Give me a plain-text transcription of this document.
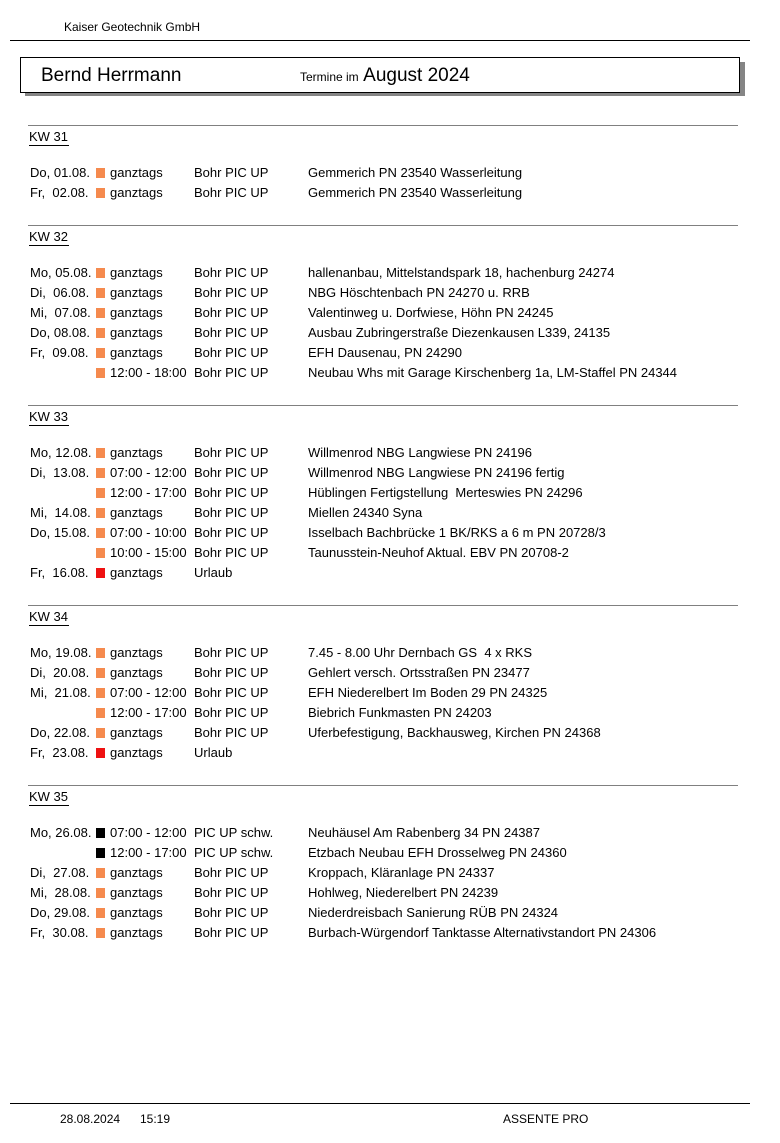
Kaiser Geotechnik GmbH
Bernd Herrmann	Termine im August 2024
KW 31
Do, 01.08. ganztags Bohr PIC UP	Gemmerich PN 23540 Wasserleitung
Fr,  02.08. ganztags Bohr PIC UP	Gemmerich PN 23540 Wasserleitung
KW 32
Mo, 05.08. ganztags Bohr PIC UP	hallenanbau, Mittelstandspark 18, hachenburg 24274
Di,  06.08. ganztags Bohr PIC UP	NBG Höschtenbach PN 24270 u. RRB
Mi,  07.08. ganztags Bohr PIC UP	Valentinweg u. Dorfwiese, Höhn PN 24245
Do, 08.08. ganztags Bohr PIC UP	Ausbau Zubringerstraße Diezenkausen L339, 24135
Fr,  09.08. ganztags Bohr PIC UP	EFH Dausenau, PN 24290
12:00 - 18:00 Bohr PIC UP	Neubau Whs mit Garage Kirschenberg 1a, LM-Staffel PN 24344
KW 33
Mo, 12.08. ganztags Bohr PIC UP	Willmenrod NBG Langwiese PN 24196
Di,  13.08. 07:00 - 12:00 Bohr PIC UP	Willmenrod NBG Langwiese PN 24196 fertig
12:00 - 17:00 Bohr PIC UP	Hüblingen Fertigstellung  Merteswies PN 24296
Mi,  14.08. ganztags Bohr PIC UP	Miellen 24340 Syna
Do, 15.08. 07:00 - 10:00 Bohr PIC UP	Isselbach Bachbrücke 1 BK/RKS a 6 m PN 20728/3
10:00 - 15:00 Bohr PIC UP	Taunusstein-Neuhof Aktual. EBV PN 20708-2
Fr,  16.08. ganztags Urlaub
KW 34
Mo, 19.08. ganztags Bohr PIC UP	7.45 - 8.00 Uhr Dernbach GS  4 x RKS
Di,  20.08. ganztags Bohr PIC UP	Gehlert versch. Ortsstraßen PN 23477
Mi,  21.08. 07:00 - 12:00 Bohr PIC UP	EFH Niederelbert Im Boden 29 PN 24325
12:00 - 17:00 Bohr PIC UP	Biebrich Funkmasten PN 24203
Do, 22.08. ganztags Bohr PIC UP	Uferbefestigung, Backhausweg, Kirchen PN 24368
Fr,  23.08. ganztags Urlaub
KW 35
Mo, 26.08. 07:00 - 12:00 PIC UP schw.	Neuhäusel Am Rabenberg 34 PN 24387
12:00 - 17:00 PIC UP schw.	Etzbach Neubau EFH Drosselweg PN 24360
Di,  27.08. ganztags Bohr PIC UP	Kroppach, Kläranlage PN 24337
Mi,  28.08. ganztags Bohr PIC UP	Hohlweg, Niederelbert PN 24239
Do, 29.08. ganztags Bohr PIC UP	Niederdreisbach Sanierung RÜB PN 24324
Fr,  30.08. ganztags Bohr PIC UP	Burbach-Würgendorf Tanktasse Alternativstandort PN 24306
28.08.2024 15:19	ASSENTE PRO
